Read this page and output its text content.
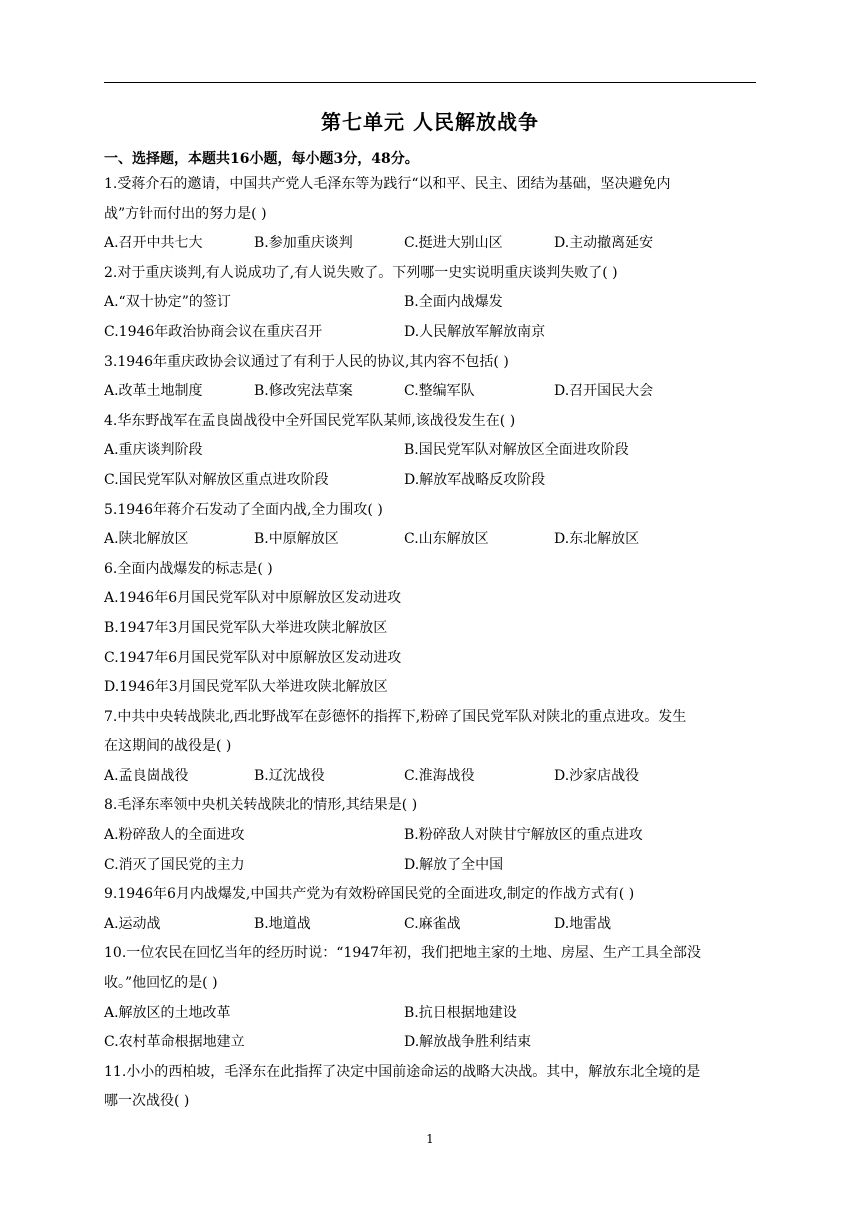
第七单元 人民解放战争
一、选择题，本题共16小题，每小题3分，48分。
1.受蒋介石的邀请，中国共产党人毛泽东等为践行“以和平、民主、团结为基础，坚决避免内
战”方针而付出的努力是( )
A.召开中共七大	B.参加重庆谈判	C.挺进大别山区	D.主动撤离延安
2.对于重庆谈判,有人说成功了,有人说失败了。下列哪一史实说明重庆谈判失败了( )
A.“双十协定”的签订	B.全面内战爆发
C.1946年政治协商会议在重庆召开	D.人民解放军解放南京
3.1946年重庆政协会议通过了有利于人民的协议,其内容不包括( )
A.改革土地制度	B.修改宪法草案	C.整编军队	D.召开国民大会
4.华东野战军在孟良崮战役中全歼国民党军队某师,该战役发生在( )
A.重庆谈判阶段	B.国民党军队对解放区全面进攻阶段
C.国民党军队对解放区重点进攻阶段	D.解放军战略反攻阶段
5.1946年蒋介石发动了全面内战,全力围攻( )
A.陕北解放区	B.中原解放区	C.山东解放区	D.东北解放区
6.全面内战爆发的标志是( )
A.1946年6月国民党军队对中原解放区发动进攻
B.1947年3月国民党军队大举进攻陕北解放区
C.1947年6月国民党军队对中原解放区发动进攻
D.1946年3月国民党军队大举进攻陕北解放区
7.中共中央转战陕北,西北野战军在彭德怀的指挥下,粉碎了国民党军队对陕北的重点进攻。发生
在这期间的战役是( )
A.孟良崮战役	B.辽沈战役	C.淮海战役	D.沙家店战役
8.毛泽东率领中央机关转战陕北的情形,其结果是( )
A.粉碎敌人的全面进攻	B.粉碎敌人对陕甘宁解放区的重点进攻
C.消灭了国民党的主力	D.解放了全中国
9.1946年6月内战爆发,中国共产党为有效粉碎国民党的全面进攻,制定的作战方式有( )
A.运动战	B.地道战	C.麻雀战	D.地雷战
10.一位农民在回忆当年的经历时说：“1947年初，我们把地主家的土地、房屋、生产工具全部没
收。”他回忆的是( )
A.解放区的土地改革	B.抗日根据地建设
C.农村革命根据地建立	D.解放战争胜利结束
11.小小的西柏坡，毛泽东在此指挥了决定中国前途命运的战略大决战。其中，解放东北全境的是
哪一次战役( )
1
